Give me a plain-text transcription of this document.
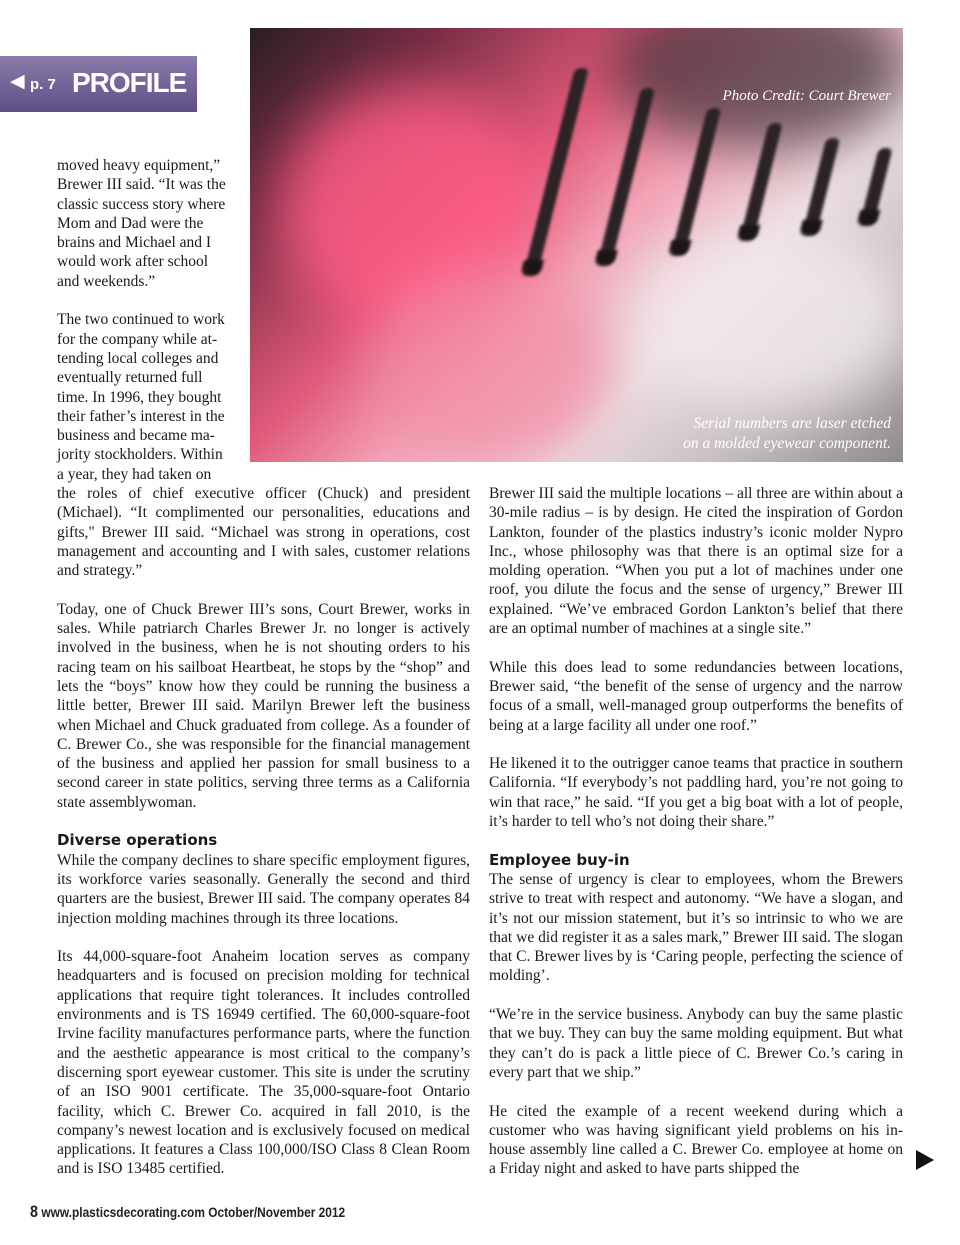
◀ p. 7 PROFILE	Photo Credit: Court Brewer
Serial numbers are laser etched
on a molded eyewear component.
moved heavy equipment,”
Brewer III said. “It was the
classic success story where
Mom and Dad were the
brains and Michael and I
would work after school
and weekends.”
The two continued to work
for the company while at-
tending local colleges and
eventually returned full
time. In 1996, they bought
their father’s interest in the
business and became ma-
jority stockholders. Within
a year, they had taken on

the roles of chief executive officer (Chuck) and president (Michael). “It complimented our personalities, educations and gifts," Brewer III said. “Michael was strong in operations, cost management and accounting and I with sales, customer relations and strategy.”

Today, one of Chuck Brewer III’s sons, Court Brewer, works in sales. While patriarch Charles Brewer Jr. no longer is actively involved in the business, when he is not shouting orders to his racing team on his sailboat Heartbeat, he stops by the “shop” and lets the “boys” know how they could be running the business a little better, Brewer III said. Marilyn Brewer left the business when Michael and Chuck graduated from college. As a founder of C. Brewer Co., she was responsible for the financial management of the business and applied her passion for small business to a second career in state politics, serving three terms as a California state assemblywoman.

Diverse operations

While the company declines to share specific employment figures, its workforce varies seasonally. Generally the second and third quarters are the busiest, Brewer III said. The company operates 84 injection molding machines through its three locations.

Its 44,000-square-foot Anaheim location serves as company headquarters and is focused on precision molding for technical applications that require tight tolerances. It includes controlled environments and is TS 16949 certified. The 60,000-square-foot Irvine facility manufactures performance parts, where the function and the aesthetic appearance is most critical to the company’s discerning sport eyewear customer. This site is under the scrutiny of an ISO 9001 certificate. The 35,000-square-foot Ontario facility, which C. Brewer Co. acquired in fall 2010, is the company’s newest location and is exclusively focused on medical applications. It features a Class 100,000/ISO Class 8 Clean Room and is ISO 13485 certified.

Brewer III said the multiple locations – all three are within about a 30-mile radius – is by design. He cited the inspiration of Gordon Lankton, founder of the plastics industry’s iconic molder Nypro Inc., whose philosophy was that there is an optimal size for a molding operation. “When you put a lot of machines under one roof, you dilute the focus and the sense of urgency,” Brewer III explained. “We’ve embraced Gordon Lankton’s belief that there are an optimal number of machines at a single site.”

While this does lead to some redundancies between locations, Brewer said, “the benefit of the sense of urgency and the narrow focus of a small, well-managed group outperforms the benefits of being at a large facility all under one roof.”

He likened it to the outrigger canoe teams that practice in southern California. “If everybody’s not paddling hard, you’re not going to win that race,” he said. “If you get a big boat with a lot of people, it’s harder to tell who’s not doing their share.”

Employee buy-in

The sense of urgency is clear to employees, whom the Brewers strive to treat with respect and autonomy. “We have a slogan, and it’s not our mission statement, but it’s so intrinsic to who we are that we did register it as a sales mark,” Brewer III said. The slogan that C. Brewer lives by is ‘Caring people, perfecting the science of molding’.

“We’re in the service business. Anybody can buy the same plastic that we buy. They can buy the same molding equipment. But what they can’t do is pack a little piece of C. Brewer Co.’s caring in every part that we ship.”

He cited the example of a recent weekend during which a customer who was having significant yield problems on his in-house assembly line called a C. Brewer Co. employee at home on a Friday night and asked to have parts shipped the

8 www.plasticsdecorating.com October/November 2012
